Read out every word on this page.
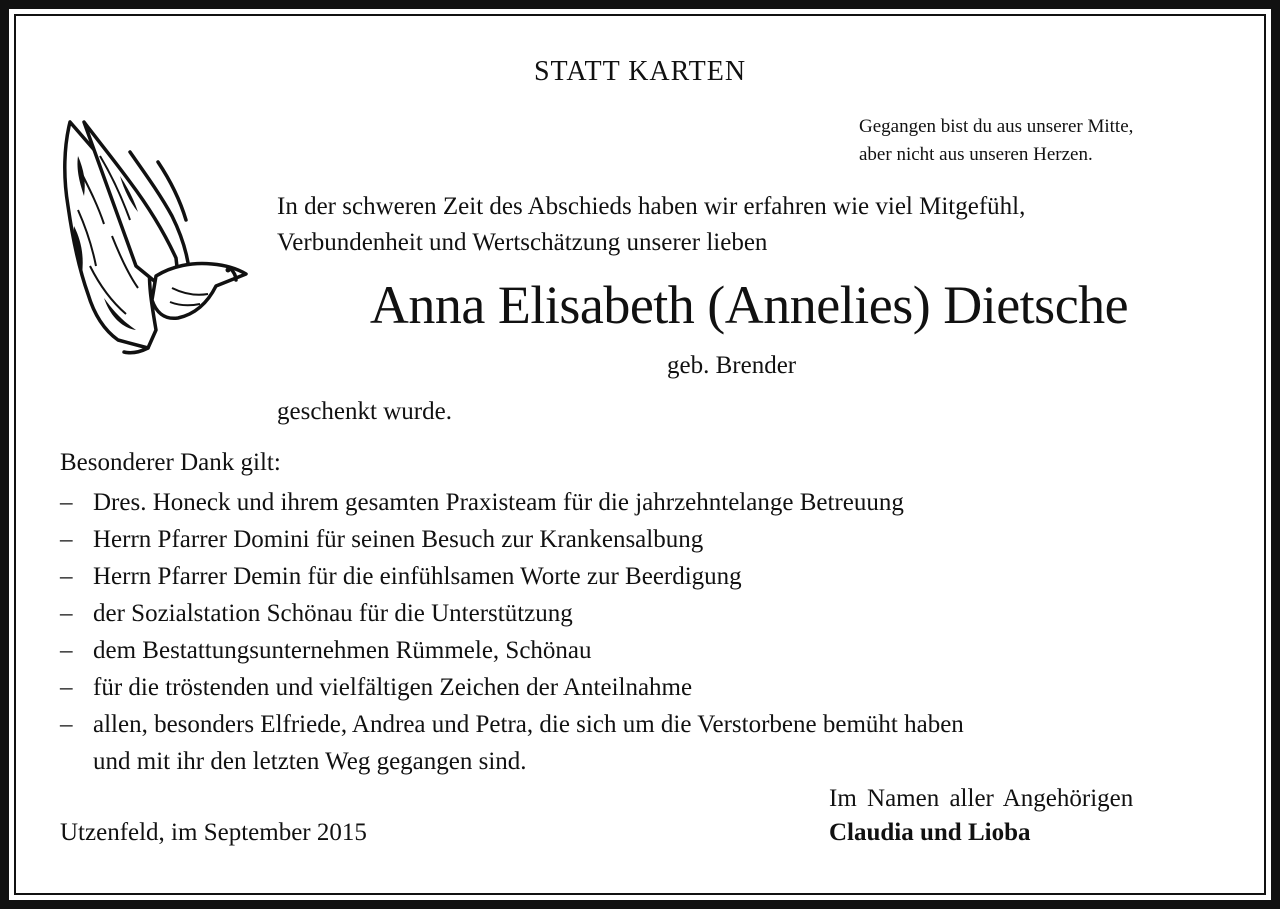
STATT KARTEN
Gegangen bist du aus unserer Mitte,
aber nicht aus unseren Herzen.
In der schweren Zeit des Abschieds haben wir erfahren wie viel Mitgefühl,
Verbundenheit und Wertschätzung unserer lieben
Anna Elisabeth (Annelies) Dietsche
geb. Brender
geschenkt wurde.
Besonderer Dank gilt:
– Dres. Honeck und ihrem gesamten Praxisteam für die jahrzehntelange Betreuung
– Herrn Pfarrer Domini für seinen Besuch zur Krankensalbung
– Herrn Pfarrer Demin für die einfühlsamen Worte zur Beerdigung
– der Sozialstation Schönau für die Unterstützung
– dem Bestattungsunternehmen Rümmele, Schönau
– für die tröstenden und vielfältigen Zeichen der Anteilnahme
– allen, besonders Elfriede, Andrea und Petra, die sich um die Verstorbene bemüht haben
und mit ihr den letzten Weg gegangen sind.
Im Namen aller Angehörigen
Claudia und Lioba
Utzenfeld, im September 2015
